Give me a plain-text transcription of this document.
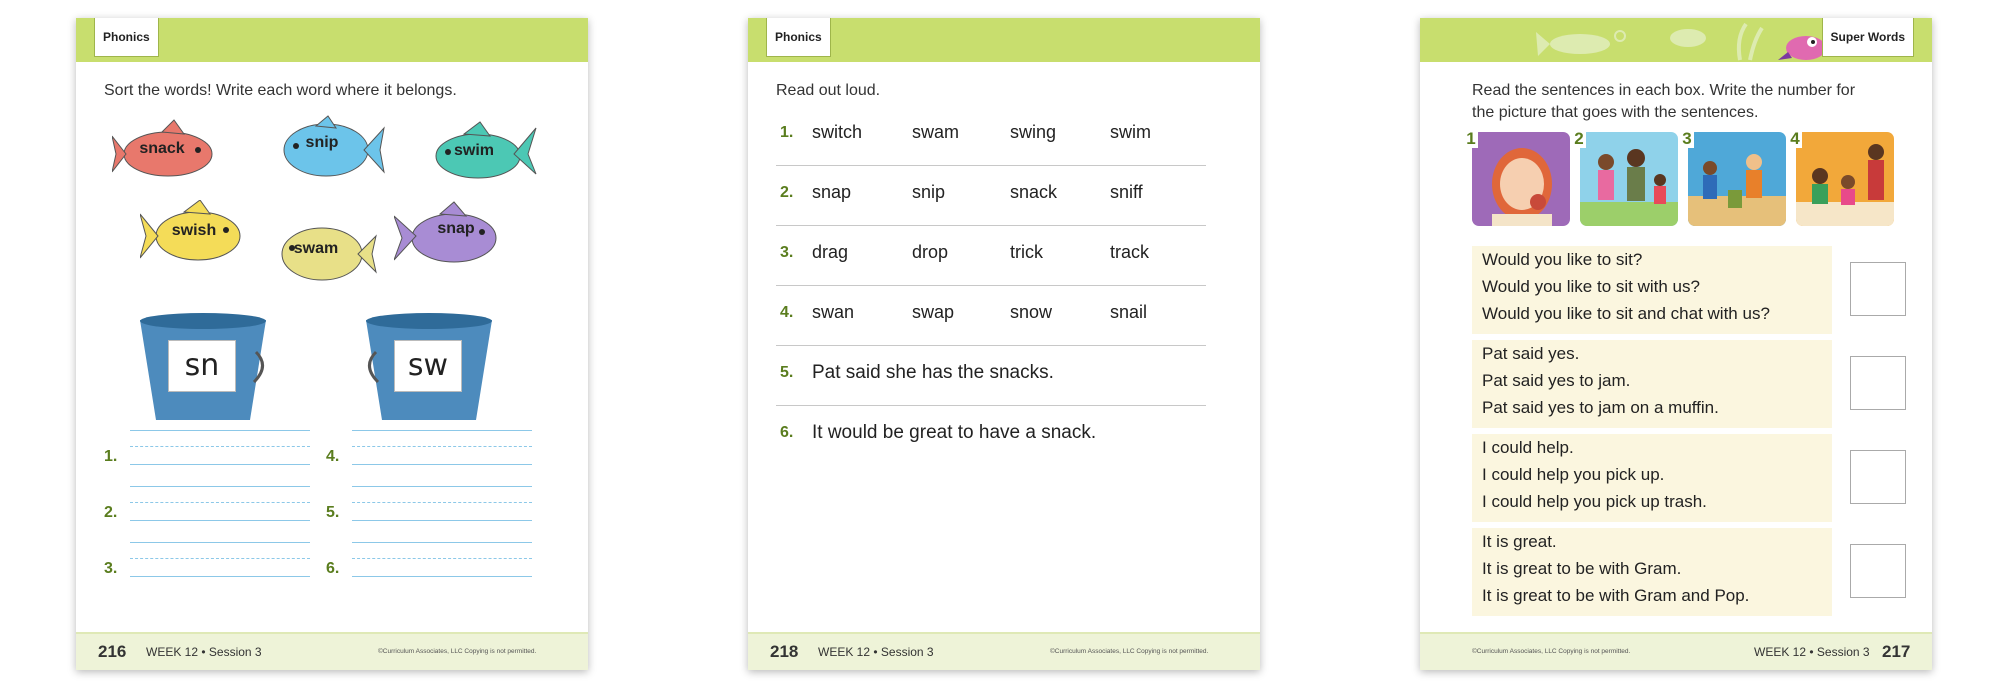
Phonics
Sort the words! Write each word where it belongs.
snack	snip	swim
swish
swam
snap
sn	sw
1.
2.
3.
4.
5.
6.
216 WEEK 12 • Session 3	©Curriculum Associates, LLC Copying is not permitted.
Phonics
Read out loud.
1. switch	swam	swing	swim
2. snap	snip	snack	sniff
3. drag	drop	trick	track
4. swan	swap	snow	snail
5. Pat said she has the snacks.
6. It would be great to have a snack.
218 WEEK 12 • Session 3	©Curriculum Associates, LLC Copying is not permitted.
Super Words
Read the sentences in each box. Write the number for
the picture that goes with the sentences.
1	2	3	4
Would you like to sit?
Would you like to sit with us?
Would you like to sit and chat with us?
Pat said yes.
Pat said yes to jam.
Pat said yes to jam on a muffin.
I could help.
I could help you pick up.
I could help you pick up trash.
It is great.
It is great to be with Gram.
It is great to be with Gram and Pop.
©Curriculum Associates, LLC Copying is not permitted.	WEEK 12 • Session 3 217
